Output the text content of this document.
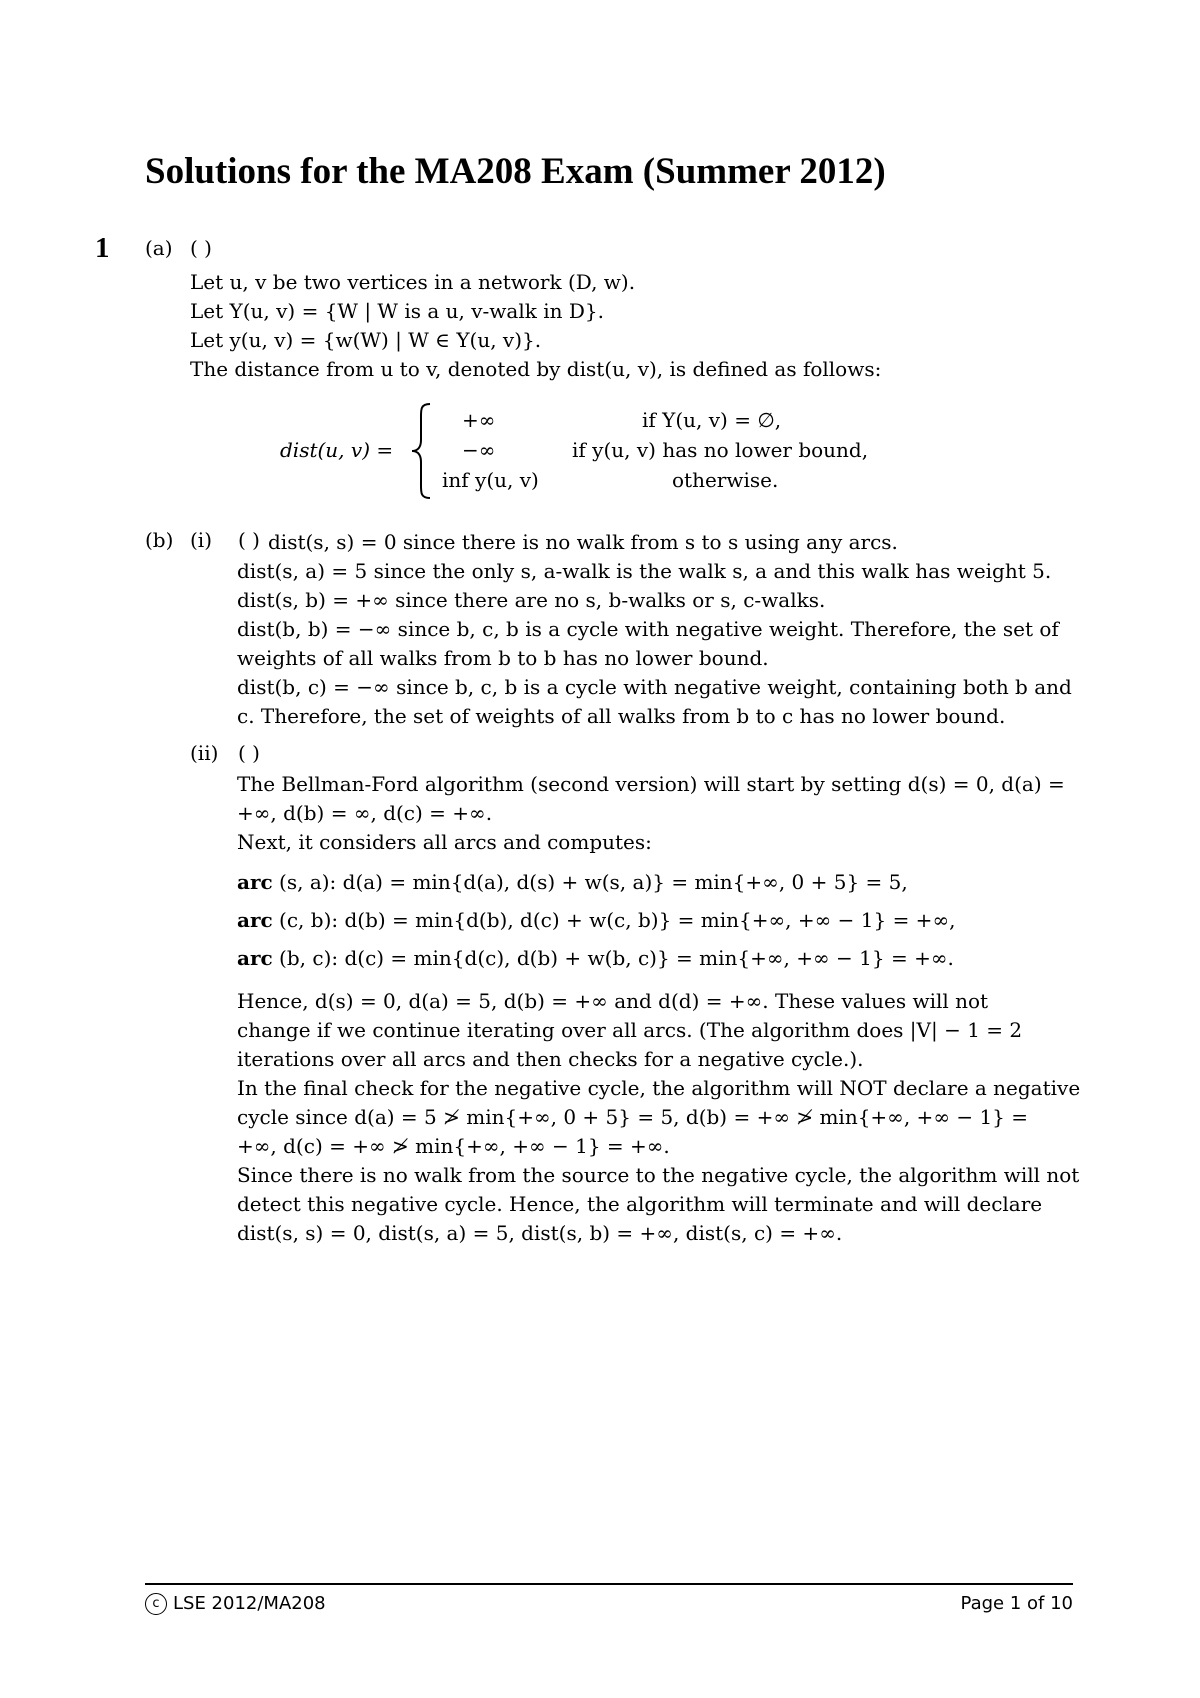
Solutions for the MA208 Exam (Summer 2012)
1 (a) ( )
Let u, v be two vertices in a network (D, w).
Let Y(u, v) = {W | W is a u, v-walk in D}.
Let y(u, v) = {w(W) | W ∈ Y(u, v)}.
The distance from u to v, denoted by dist(u, v), is defined as follows:
dist(u, v) =
+∞	if Y(u, v) = ∅,
−∞	if y(u, v) has no lower bound,
inf y(u, v)	otherwise.
(b) (i) ( ) dist(s, s) = 0 since there is no walk from s to s using any arcs.
dist(s, a) = 5 since the only s, a-walk is the walk s, a and this walk has weight 5.
dist(s, b) = +∞ since there are no s, b-walks or s, c-walks.
dist(b, b) = −∞ since b, c, b is a cycle with negative weight. Therefore, the set of
weights of all walks from b to b has no lower bound.
dist(b, c) = −∞ since b, c, b is a cycle with negative weight, containing both b and
c. Therefore, the set of weights of all walks from b to c has no lower bound.
(ii) ( )
The Bellman-Ford algorithm (second version) will start by setting d(s) = 0, d(a) =
+∞, d(b) = ∞, d(c) = +∞.
Next, it considers all arcs and computes:
arc (s, a): d(a) = min{d(a), d(s) + w(s, a)} = min{+∞, 0 + 5} = 5,
arc (c, b): d(b) = min{d(b), d(c) + w(c, b)} = min{+∞, +∞ − 1} = +∞,
arc (b, c): d(c) = min{d(c), d(b) + w(b, c)} = min{+∞, +∞ − 1} = +∞.
Hence, d(s) = 0, d(a) = 5, d(b) = +∞ and d(d) = +∞. These values will not
change if we continue iterating over all arcs. (The algorithm does |V| − 1 = 2
iterations over all arcs and then checks for a negative cycle.).
In the final check for the negative cycle, the algorithm will NOT declare a negative
cycle since d(a) = 5 ≯ min{+∞, 0 + 5} = 5, d(b) = +∞ ≯ min{+∞, +∞ − 1} =
+∞, d(c) = +∞ ≯ min{+∞, +∞ − 1} = +∞.
Since there is no walk from the source to the negative cycle, the algorithm will not
detect this negative cycle. Hence, the algorithm will terminate and will declare
dist(s, s) = 0, dist(s, a) = 5, dist(s, b) = +∞, dist(s, c) = +∞.
c LSE 2012/MA208	Page 1 of 10
